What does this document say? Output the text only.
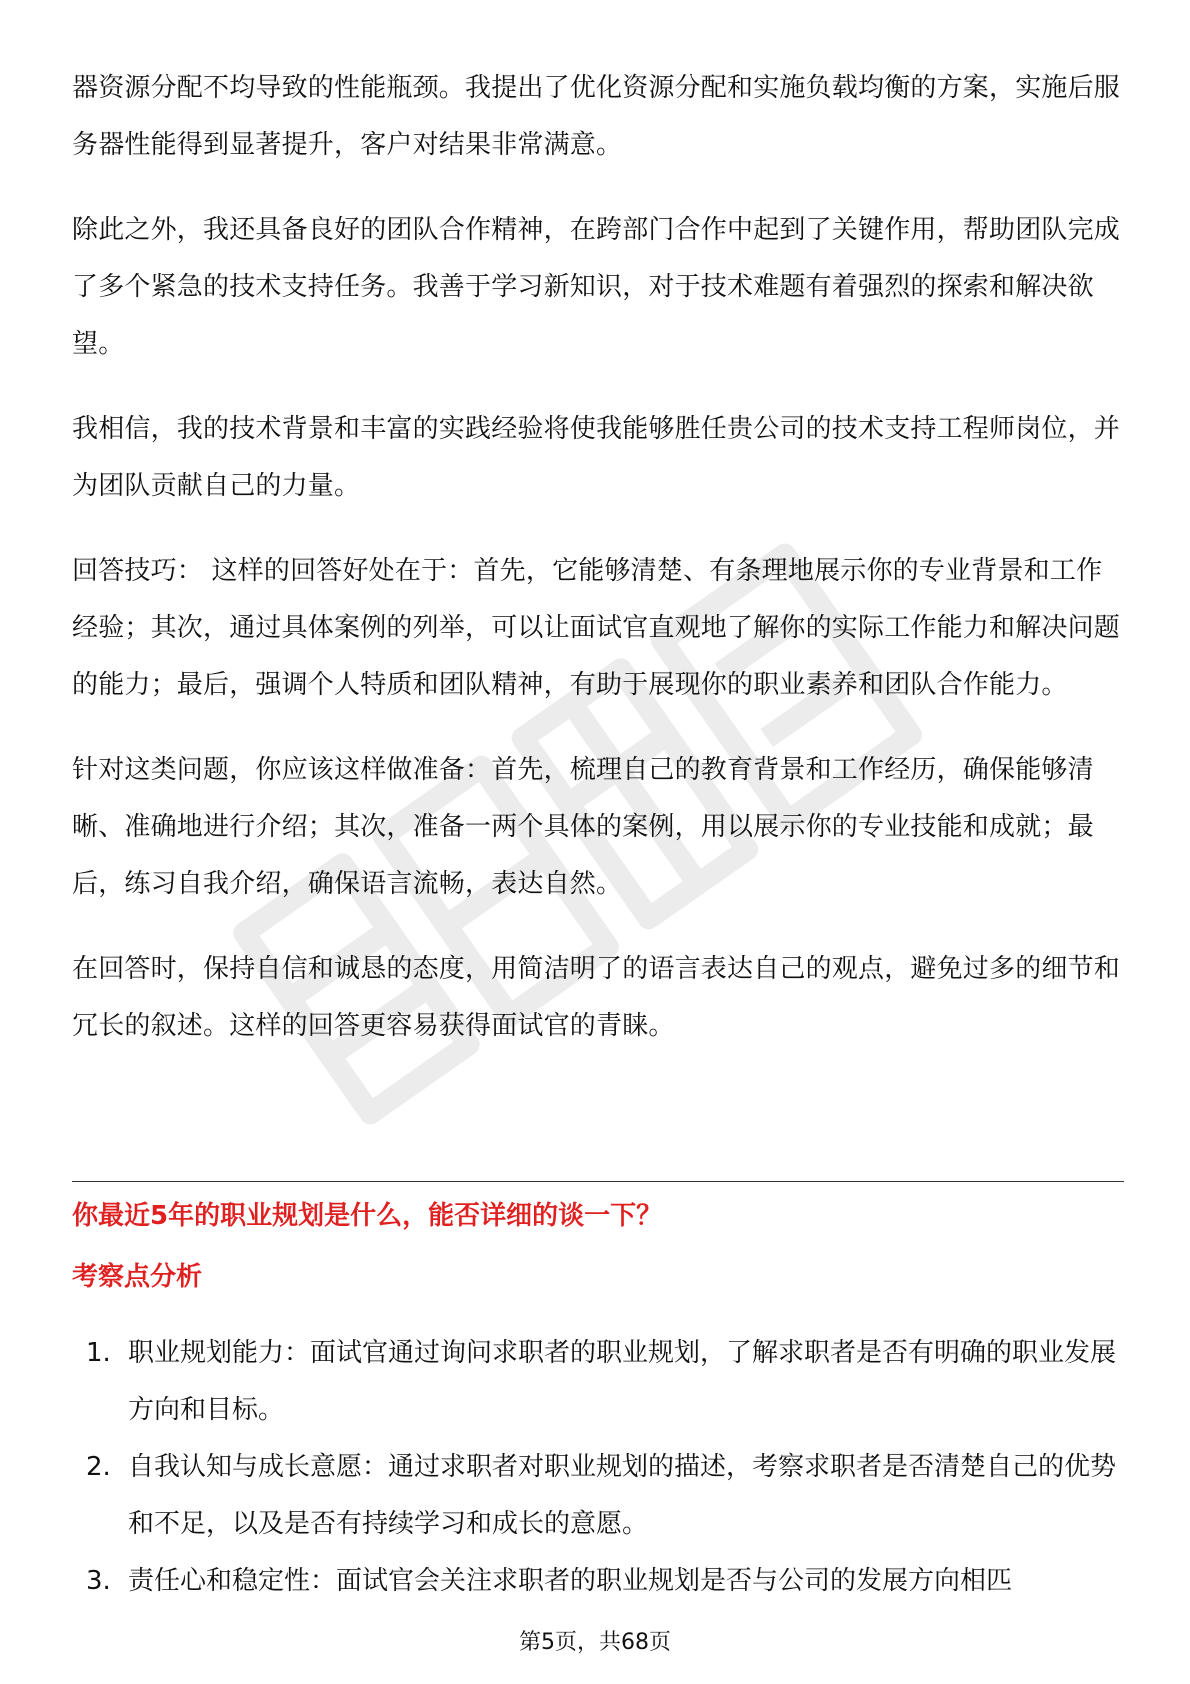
器资源分配不均导致的性能瓶颈。我提出了优化资源分配和实施负载均衡的方案，实施后服务器性能得到显著提升，客户对结果非常满意。

除此之外，我还具备良好的团队合作精神，在跨部门合作中起到了关键作用，帮助团队完成了多个紧急的技术支持任务。我善于学习新知识，对于技术难题有着强烈的探索和解决欲望。

我相信，我的技术背景和丰富的实践经验将使我能够胜任贵公司的技术支持工程师岗位，并为团队贡献自己的力量。

回答技巧： 这样的回答好处在于：首先，它能够清楚、有条理地展示你的专业背景和工作经验；其次，通过具体案例的列举，可以让面试官直观地了解你的实际工作能力和解决问题的能力；最后，强调个人特质和团队精神，有助于展现你的职业素养和团队合作能力。

针对这类问题，你应该这样做准备：首先，梳理自己的教育背景和工作经历，确保能够清晰、准确地进行介绍；其次，准备一两个具体的案例，用以展示你的专业技能和成就；最后，练习自我介绍，确保语言流畅，表达自然。

在回答时，保持自信和诚恳的态度，用简洁明了的语言表达自己的观点，避免过多的细节和冗长的叙述。这样的回答更容易获得面试官的青睐。

你最近5年的职业规划是什么，能否详细的谈一下？
考察点分析
1. 职业规划能力：面试官通过询问求职者的职业规划，了解求职者是否有明确的职业发展方向和目标。
2. 自我认知与成长意愿：通过求职者对职业规划的描述，考察求职者是否清楚自己的优势和不足，以及是否有持续学习和成长的意愿。
3. 责任心和稳定性：面试官会关注求职者的职业规划是否与公司的发展方向相匹
第5页，共68页
